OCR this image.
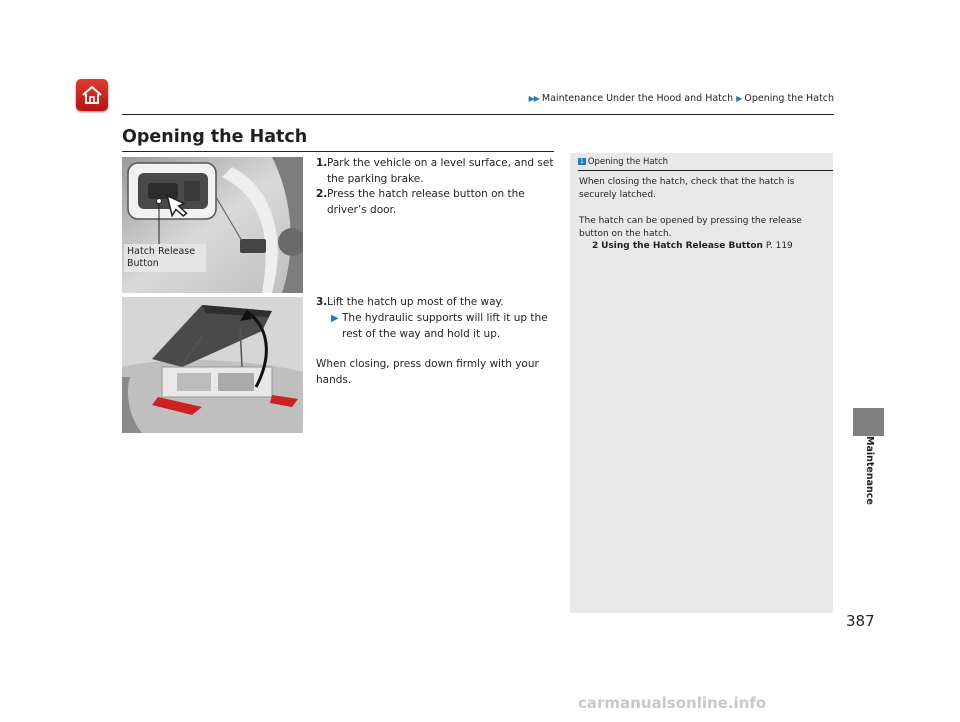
▶▶ Maintenance Under the Hood and Hatch ▶ Opening the Hatch
Opening the Hatch
Hatch Release Button
1. Park the vehicle on a level surface, and set the parking brake.
2. Press the hatch release button on the driver’s door.
3. Lift the hatch up most of the way.
▶ The hydraulic supports will lift it up the rest of the way and hold it up.
When closing, press down firmly with your hands.
1 Opening the Hatch
When closing the hatch, check that the hatch is securely latched.
The hatch can be opened by pressing the release button on the hatch.
2 Using the Hatch Release Button P. 119
Maintenance
387
carmanualsonline.info
